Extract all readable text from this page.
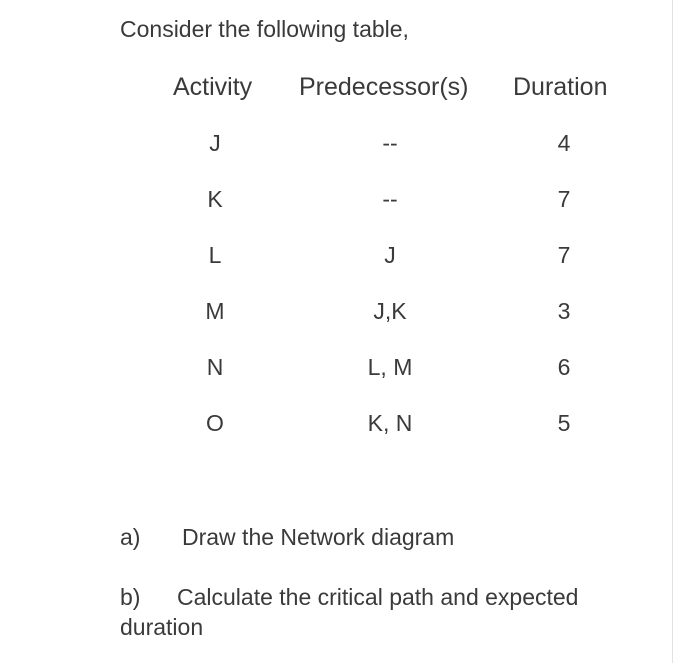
Consider the following table,
Activity Predecessor(s) Duration
J	--	4
K	--	7
L	J	7
M	J,K	3
N	L, M	6
O	K, N	5
a) Draw the Network diagram
b) Calculate the critical path and expected duration
